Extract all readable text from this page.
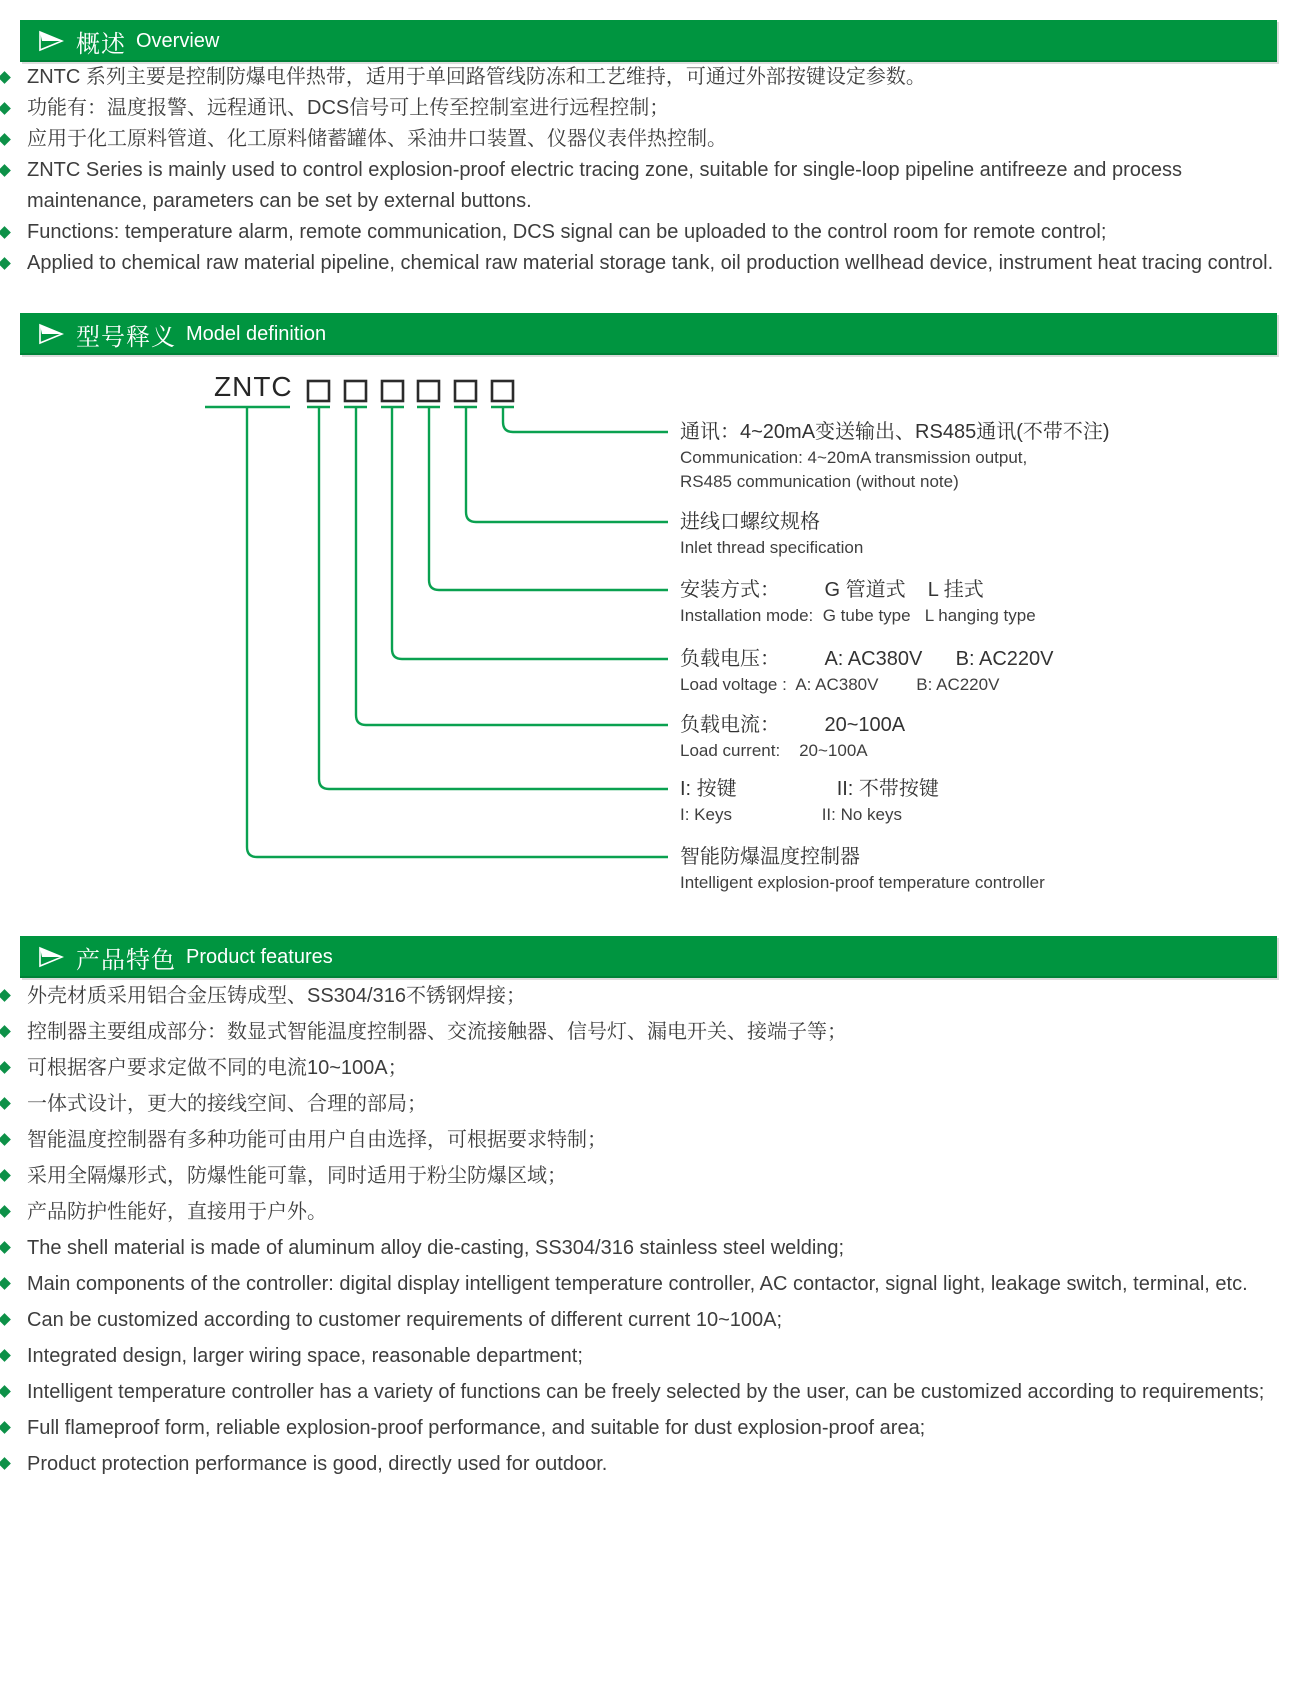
概述 Overview
ZNTC 系列主要是控制防爆电伴热带，适用于单回路管线防冻和工艺维持，可通过外部按键设定参数。
功能有：温度报警、远程通讯、DCS信号可上传至控制室进行远程控制；
应用于化工原料管道、化工原料储蓄罐体、采油井口装置、仪器仪表伴热控制。
ZNTC Series is mainly used to control explosion-proof electric tracing zone, suitable for single-loop pipeline antifreeze and process maintenance, parameters can be set by external buttons.
Functions: temperature alarm, remote communication, DCS signal can be uploaded to the control room for remote control;
Applied to chemical raw material pipeline, chemical raw material storage tank, oil production wellhead device, instrument heat tracing control.
型号释义 Model definition
ZNTC
通讯：4~20mA变送输出、RS485通讯(不带不注)
Communication: 4~20mA transmission output,
RS485 communication (without note)
进线口螺纹规格
Inlet thread specification
安装方式：        G 管道式    L 挂式
Installation mode:  G tube type   L hanging type
负载电压：        A: AC380V      B: AC220V
Load voltage :  A: AC380V        B: AC220V
负载电流：        20~100A
Load current:    20~100A
I: 按键                  II: 不带按键
I: Keys                   II: No keys
智能防爆温度控制器
Intelligent explosion-proof temperature controller
产品特色 Product features
外壳材质采用铝合金压铸成型、SS304/316不锈钢焊接；
控制器主要组成部分：数显式智能温度控制器、交流接触器、信号灯、漏电开关、接端子等；
可根据客户要求定做不同的电流10~100A；
一体式设计，更大的接线空间、合理的部局；
智能温度控制器有多种功能可由用户自由选择，可根据要求特制；
采用全隔爆形式，防爆性能可靠，同时适用于粉尘防爆区域；
产品防护性能好，直接用于户外。
The shell material is made of aluminum alloy die-casting, SS304/316 stainless steel welding;
Main components of the controller: digital display intelligent temperature controller, AC contactor, signal light, leakage switch, terminal, etc.
Can be customized according to customer requirements of different current 10~100A;
Integrated design, larger wiring space, reasonable department;
Intelligent temperature controller has a variety of functions can be freely selected by the user, can be customized according to requirements;
Full flameproof form, reliable explosion-proof performance, and suitable for dust explosion-proof area;
Product protection performance is good, directly used for outdoor.
